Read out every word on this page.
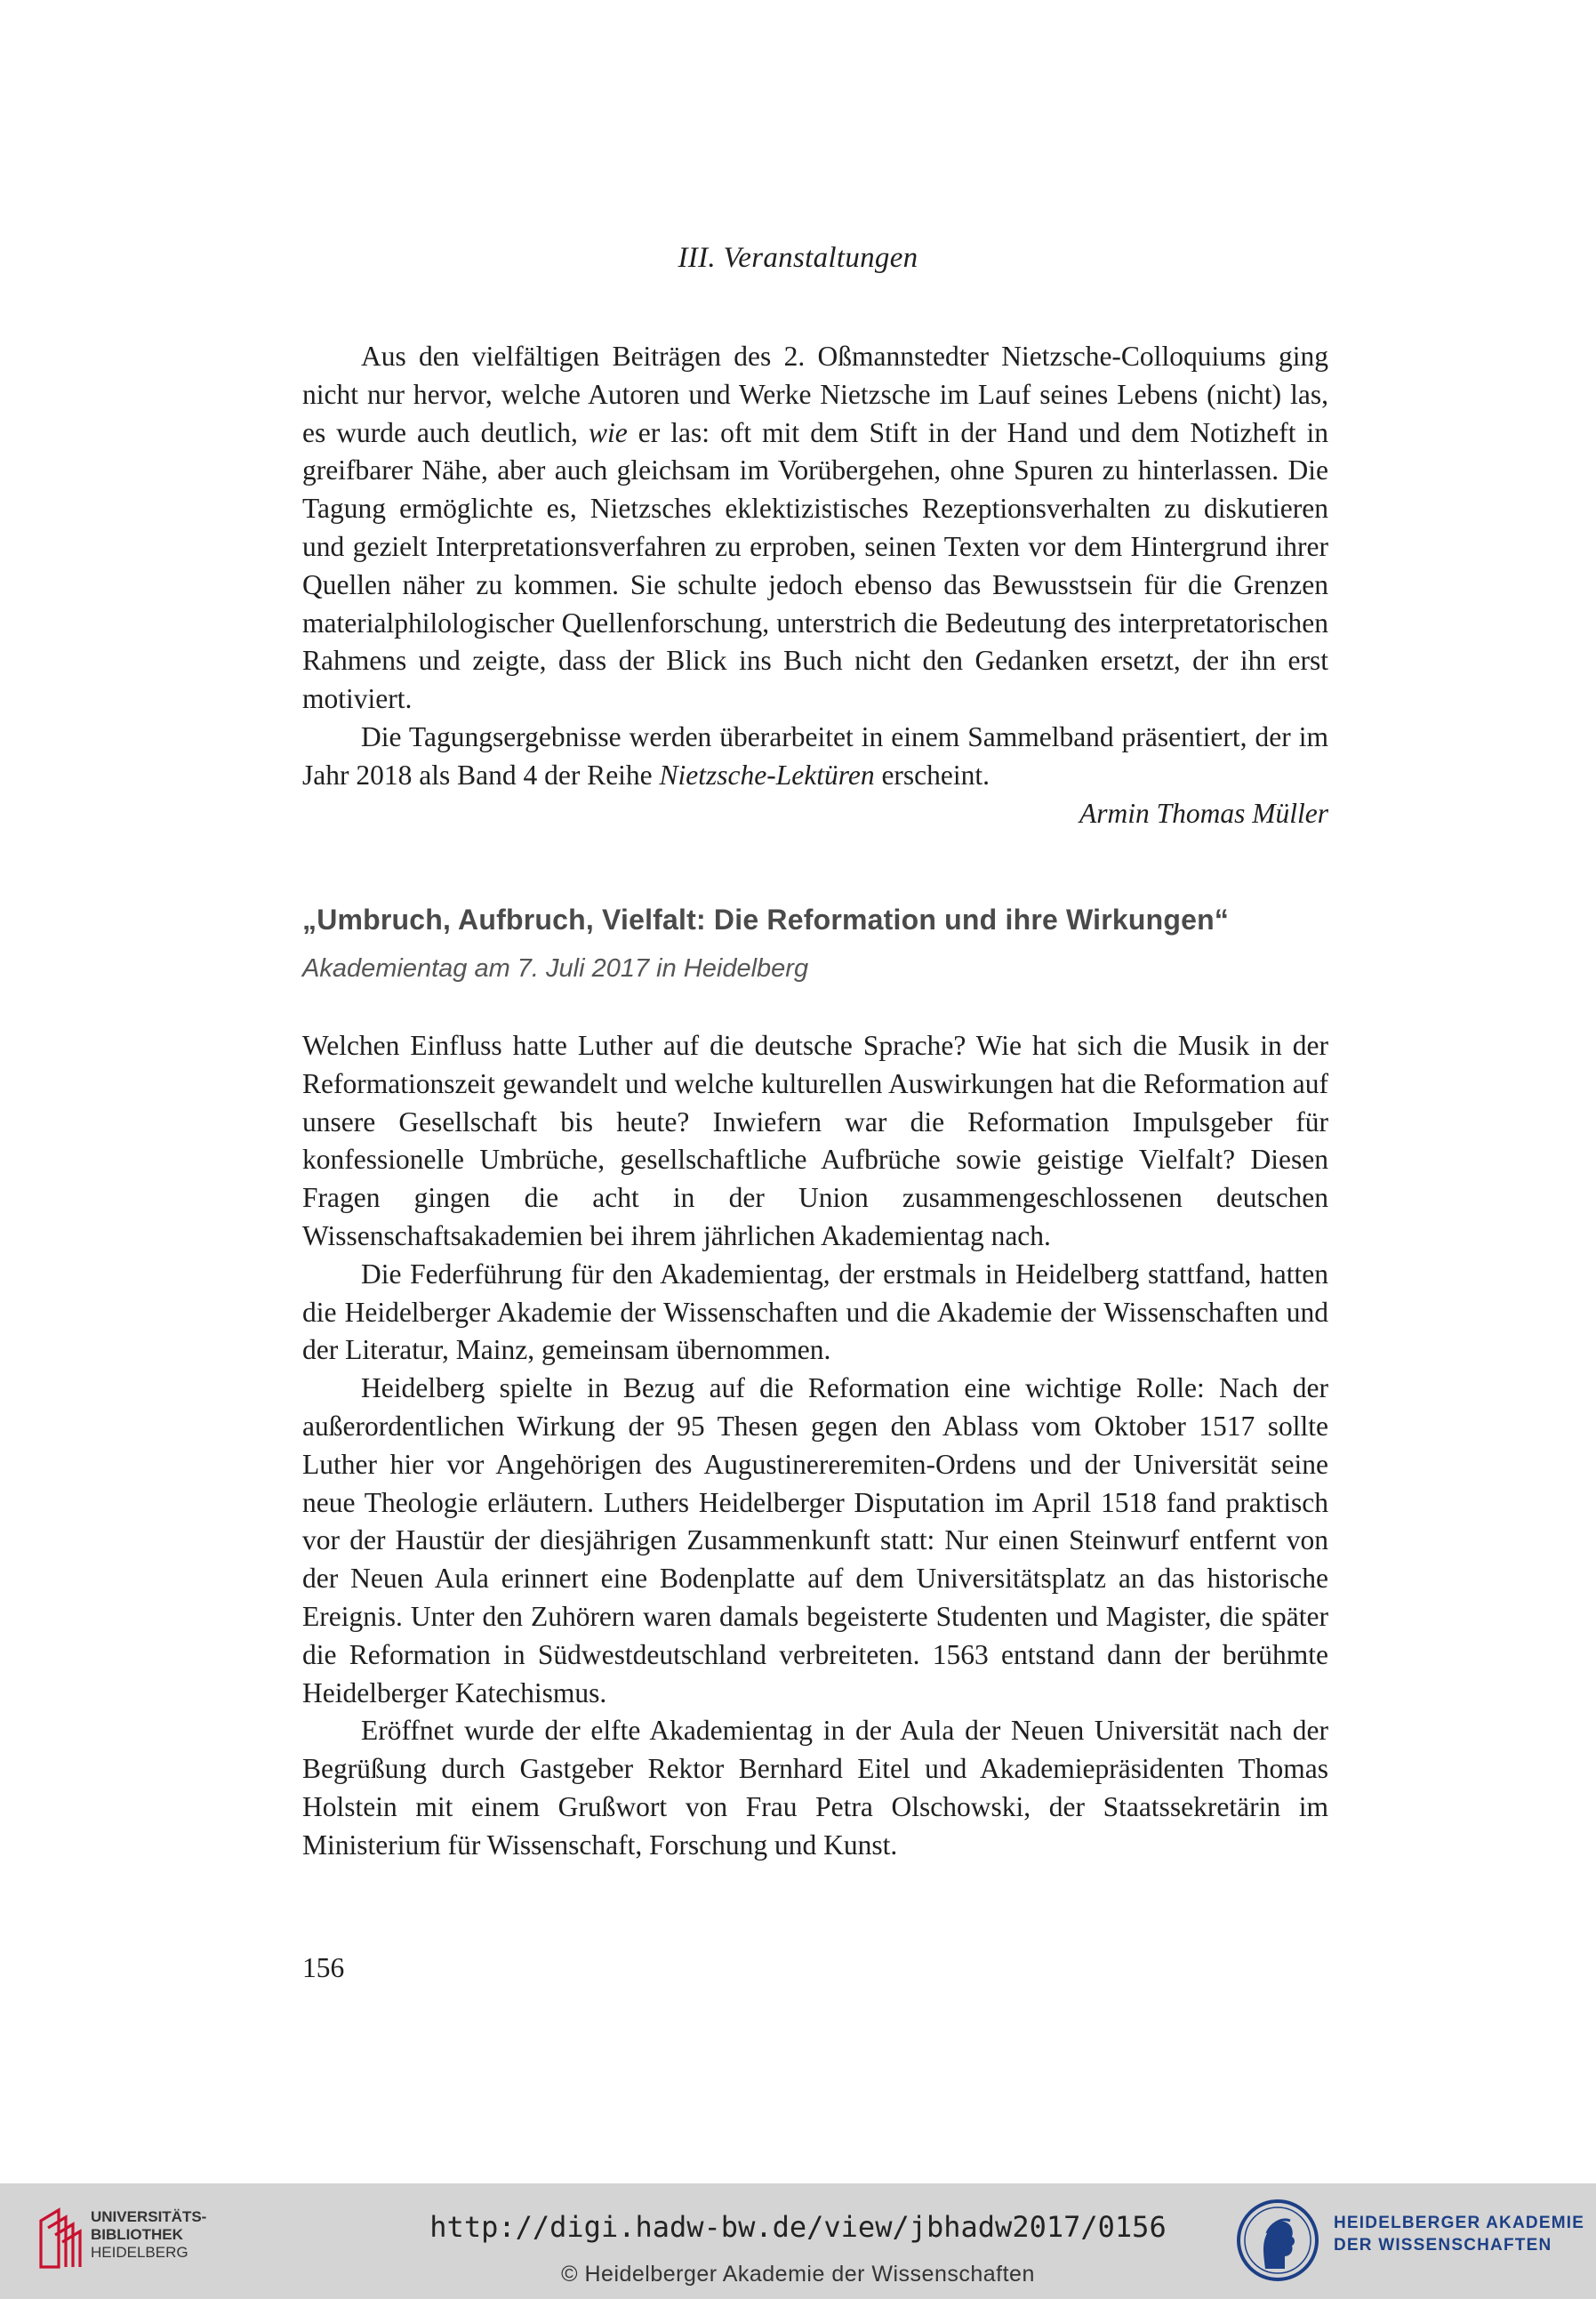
III. Veranstaltungen

Aus den vielfältigen Beiträgen des 2. Oßmannstedter Nietzsche-Colloquiums ging nicht nur hervor, welche Autoren und Werke Nietzsche im Lauf seines Lebens (nicht) las, es wurde auch deutlich, wie er las: oft mit dem Stift in der Hand und dem Notizheft in greifbarer Nähe, aber auch gleichsam im Vorübergehen, ohne Spuren zu hinterlassen. Die Tagung ermöglichte es, Nietzsches eklektizistisches Rezeptionsverhalten zu diskutieren und gezielt Interpretationsverfahren zu erproben, seinen Texten vor dem Hintergrund ihrer Quellen näher zu kommen. Sie schulte jedoch ebenso das Bewusstsein für die Grenzen materialphilologischer Quellenforschung, unterstrich die Bedeutung des interpretatorischen Rahmens und zeigte, dass der Blick ins Buch nicht den Gedanken ersetzt, der ihn erst motiviert.

Die Tagungsergebnisse werden überarbeitet in einem Sammelband präsentiert, der im Jahr 2018 als Band 4 der Reihe Nietzsche-Lektüren erscheint.

Armin Thomas Müller

„Umbruch, Aufbruch, Vielfalt: Die Reformation und ihre Wirkungen“
Akademientag am 7. Juli 2017 in Heidelberg

Welchen Einfluss hatte Luther auf die deutsche Sprache? Wie hat sich die Musik in der Reformationszeit gewandelt und welche kulturellen Auswirkungen hat die Reformation auf unsere Gesellschaft bis heute? Inwiefern war die Reformation Impulsgeber für konfessionelle Umbrüche, gesellschaftliche Aufbrüche sowie geistige Vielfalt? Diesen Fragen gingen die acht in der Union zusammengeschlossenen deutschen Wissenschaftsakademien bei ihrem jährlichen Akademientag nach.

Die Federführung für den Akademientag, der erstmals in Heidelberg stattfand, hatten die Heidelberger Akademie der Wissenschaften und die Akademie der Wissenschaften und der Literatur, Mainz, gemeinsam übernommen.

Heidelberg spielte in Bezug auf die Reformation eine wichtige Rolle: Nach der außerordentlichen Wirkung der 95 Thesen gegen den Ablass vom Oktober 1517 sollte Luther hier vor Angehörigen des Augustinereremiten-Ordens und der Universität seine neue Theologie erläutern. Luthers Heidelberger Disputation im April 1518 fand praktisch vor der Haustür der diesjährigen Zusammenkunft statt: Nur einen Steinwurf entfernt von der Neuen Aula erinnert eine Bodenplatte auf dem Universitätsplatz an das historische Ereignis. Unter den Zuhörern waren damals begeisterte Studenten und Magister, die später die Reformation in Südwestdeutschland verbreiteten. 1563 entstand dann der berühmte Heidelberger Katechismus.

Eröffnet wurde der elfte Akademientag in der Aula der Neuen Universität nach der Begrüßung durch Gastgeber Rektor Bernhard Eitel und Akademiepräsidenten Thomas Holstein mit einem Grußwort von Frau Petra Olschowski, der Staatssekretärin im Ministerium für Wissenschaft, Forschung und Kunst.

156
UNIVERSITÄTS-
BIBLIOTHEK
HEIDELBERG
http://digi.hadw-bw.de/view/jbhadw2017/0156
© Heidelberger Akademie der Wissenschaften
HEIDELBERGER AKADEMIE
DER WISSENSCHAFTEN
